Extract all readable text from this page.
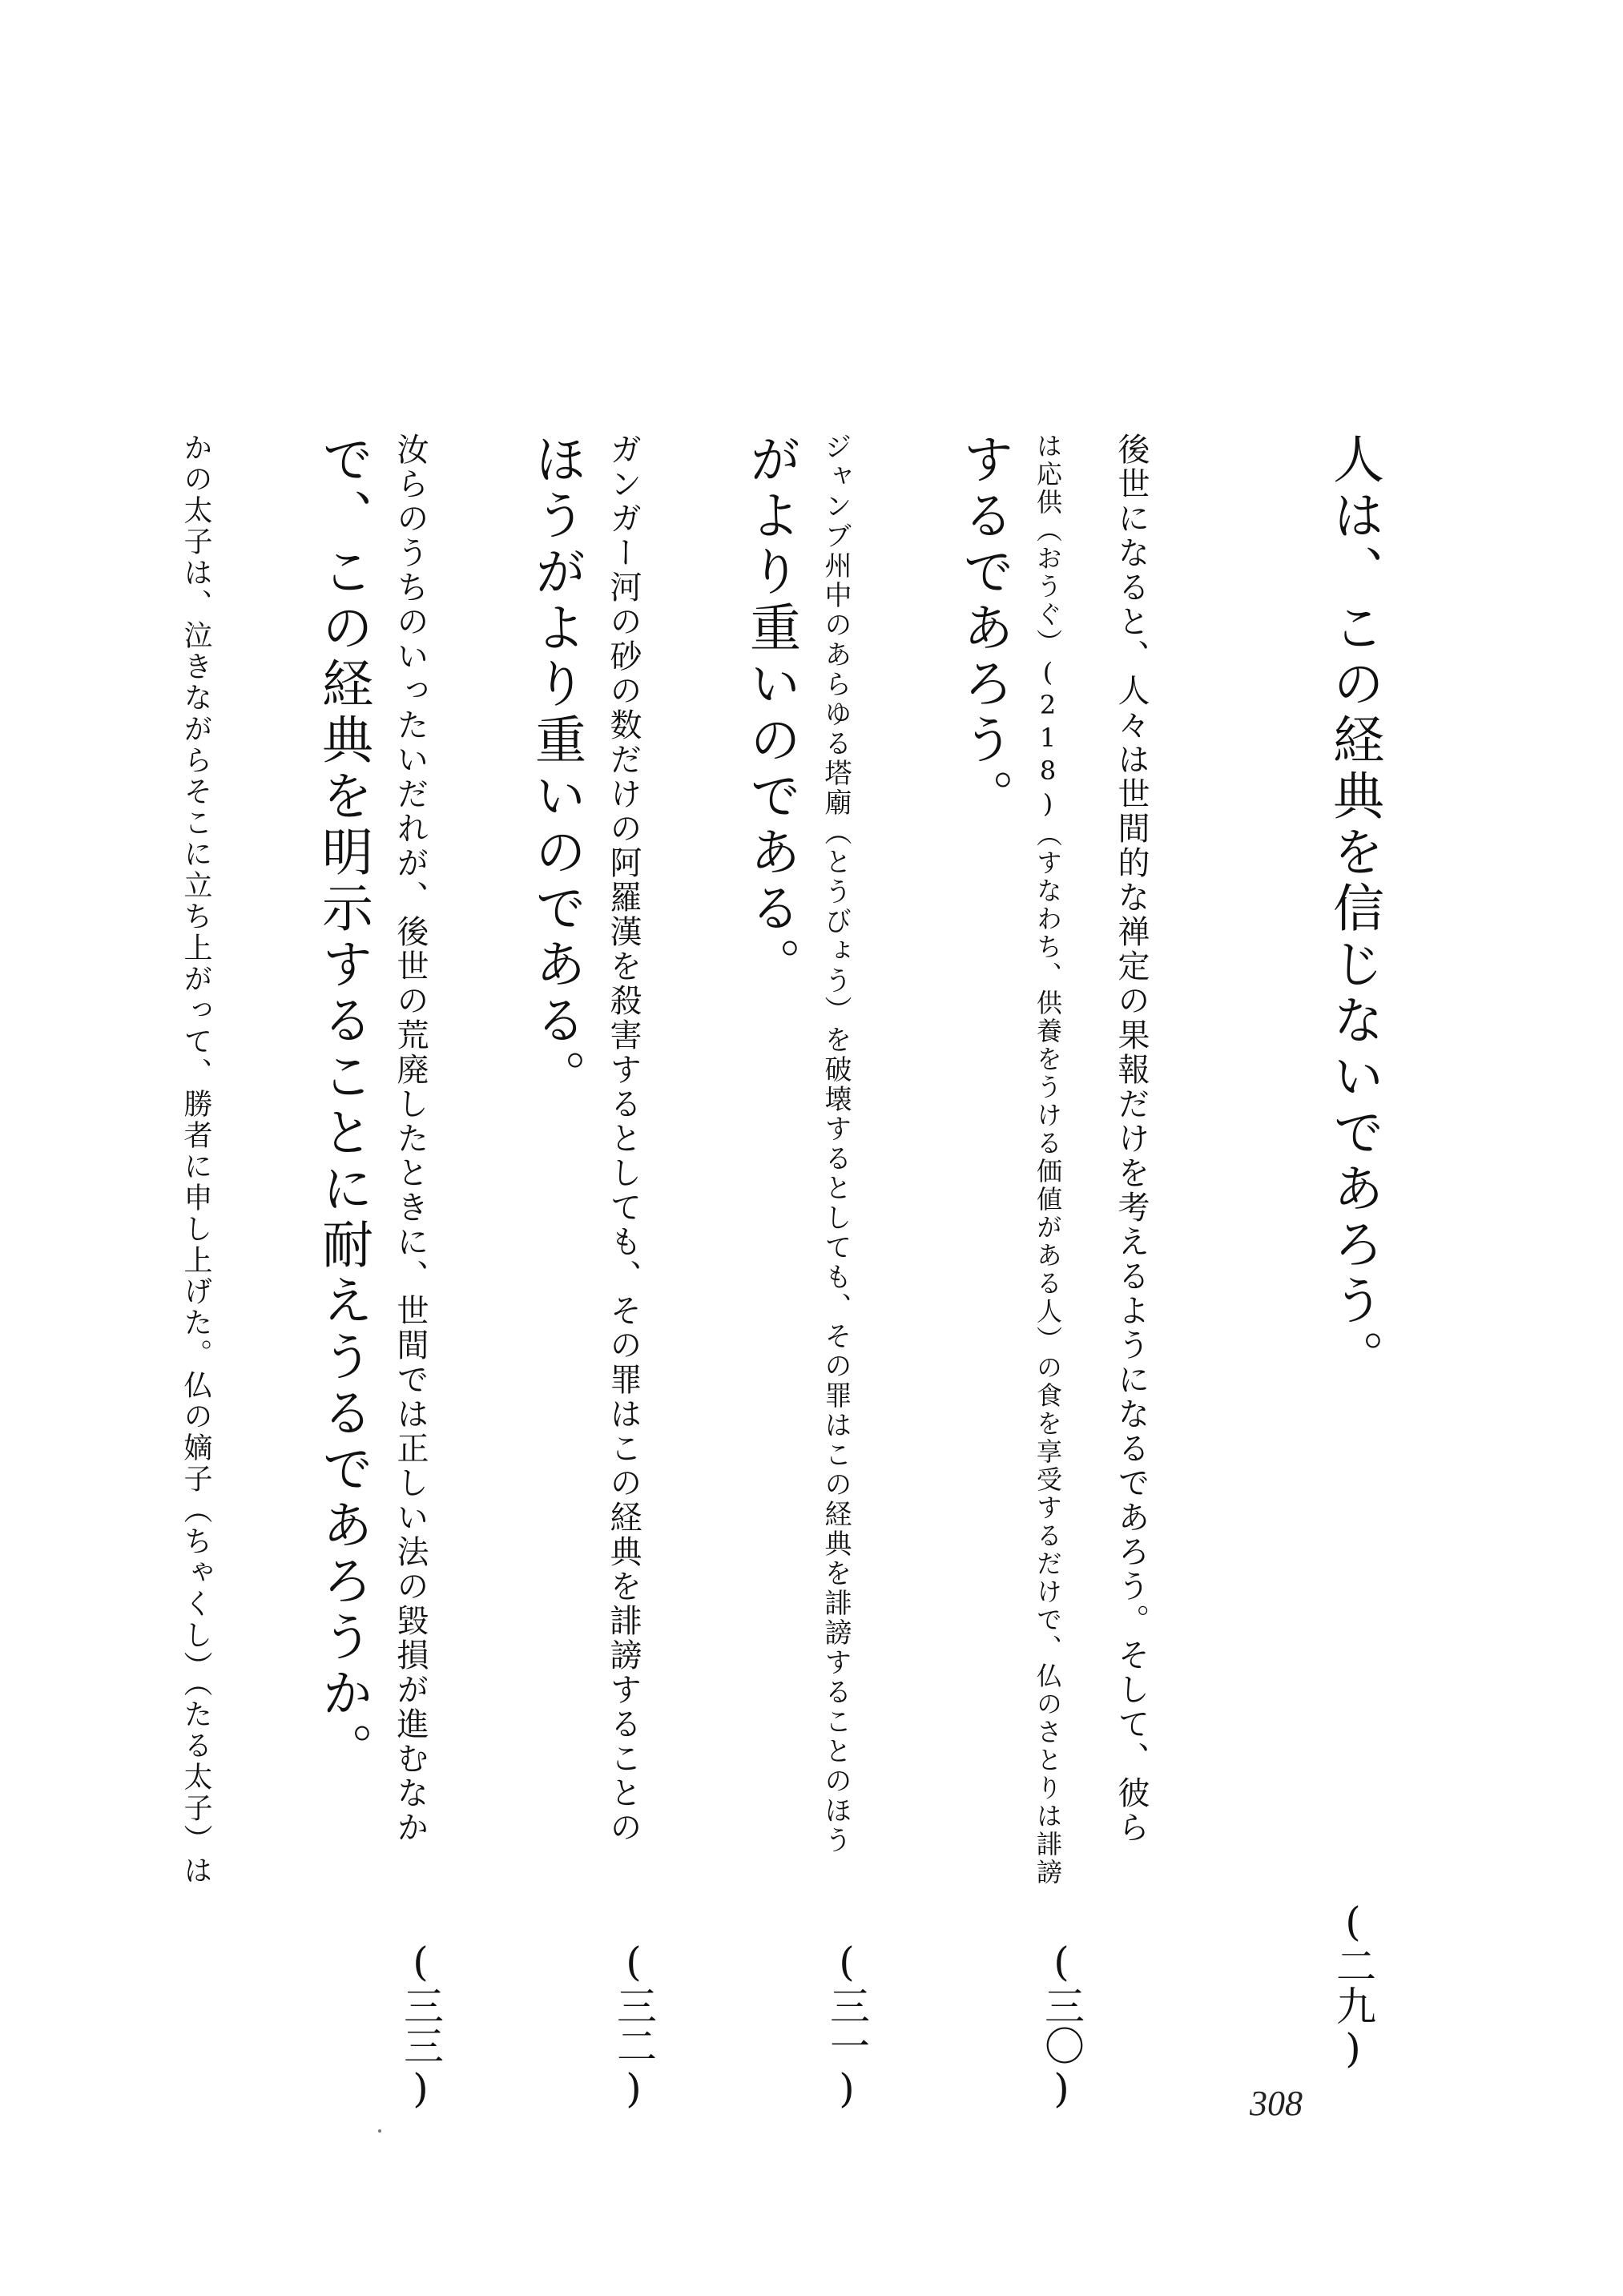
人は、この経典を信じないであろう。
後世になると、人々は世間的な禅定の果報だけを考えるようになるであろう。そして、彼ら
は応供（おうぐ）(218)（すなわち、供養をうける価値がある人）の食を享受するだけで、仏のさとりは誹謗
するであろう。
ジャンブ州中のあらゆる塔廟（とうびょう）を破壊するとしても、その罪はこの経典を誹謗することのほう
がより重いのである。
ガンガー河の砂の数だけの阿羅漢を殺害するとしても、その罪はこの経典を誹謗することの
ほうがより重いのである。
汝らのうちのいったいだれが、後世の荒廃したときに、世間では正しい法の毀損が進むなか
で、この経典を明示することに耐えうるであろうか。
かの太子は、泣きながらそこに立ち上がって、勝者に申し上げた。仏の嫡子（ちゃくし）（たる太子）は
(二九)
(三〇)
(三一)
(三二)
(三三)	308
